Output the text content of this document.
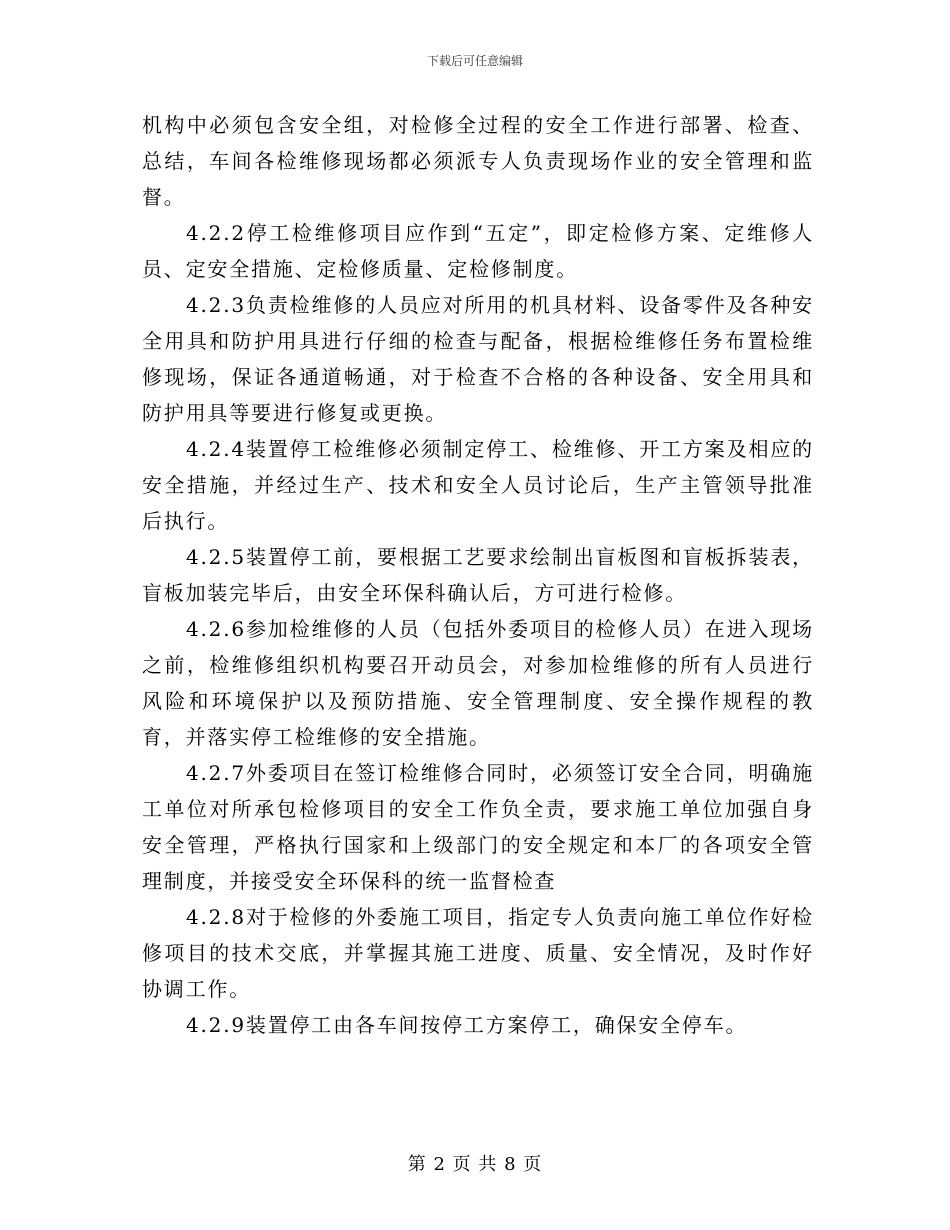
下载后可任意编辑

机构中必须包含安全组，对检修全过程的安全工作进行部署、检查、总结，车间各检维修现场都必须派专人负责现场作业的安全管理和监督。

4.2.2停工检维修项目应作到“五定”，即定检修方案、定维修人员、定安全措施、定检修质量、定检修制度。

4.2.3负责检维修的人员应对所用的机具材料、设备零件及各种安全用具和防护用具进行仔细的检查与配备，根据检维修任务布置检维修现场，保证各通道畅通，对于检查不合格的各种设备、安全用具和防护用具等要进行修复或更换。

4.2.4装置停工检维修必须制定停工、检维修、开工方案及相应的安全措施，并经过生产、技术和安全人员讨论后，生产主管领导批准后执行。

4.2.5装置停工前，要根据工艺要求绘制出盲板图和盲板拆装表，盲板加装完毕后，由安全环保科确认后，方可进行检修。

4.2.6参加检维修的人员（包括外委项目的检修人员）在进入现场之前，检维修组织机构要召开动员会，对参加检维修的所有人员进行风险和环境保护以及预防措施、安全管理制度、安全操作规程的教育，并落实停工检维修的安全措施。

4.2.7外委项目在签订检维修合同时，必须签订安全合同，明确施工单位对所承包检修项目的安全工作负全责，要求施工单位加强自身安全管理，严格执行国家和上级部门的安全规定和本厂的各项安全管理制度，并接受安全环保科的统一监督检查

4.2.8对于检修的外委施工项目，指定专人负责向施工单位作好检修项目的技术交底，并掌握其施工进度、质量、安全情况，及时作好协调工作。

4.2.9装置停工由各车间按停工方案停工，确保安全停车。

第 2 页 共 8 页
